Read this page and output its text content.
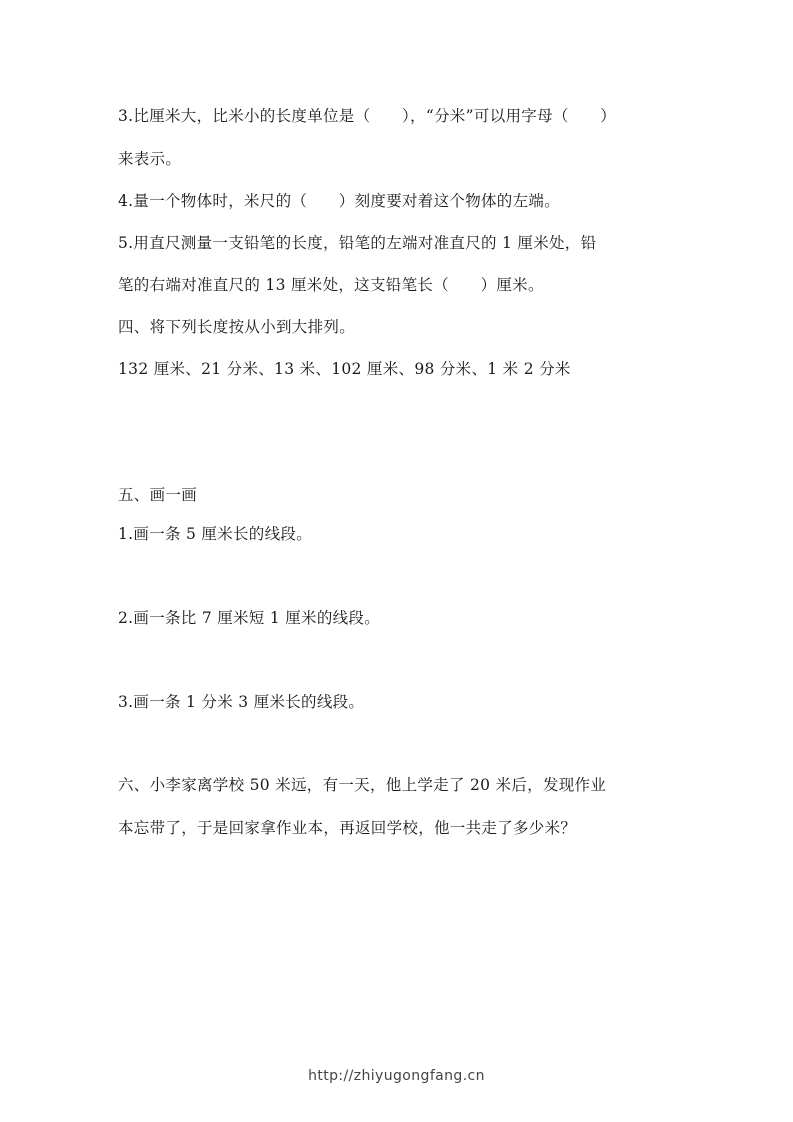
3.比厘米大，比米小的长度单位是（　　），“分米”可以用字母（　　）
来表示。
4.量一个物体时，米尺的（　　）刻度要对着这个物体的左端。
5.用直尺测量一支铅笔的长度，铅笔的左端对准直尺的 1 厘米处，铅
笔的右端对准直尺的 13 厘米处，这支铅笔长（　　）厘米。
四、将下列长度按从小到大排列。
132 厘米、21 分米、13 米、102 厘米、98 分米、1 米 2 分米
五、画一画
1.画一条 5 厘米长的线段。
2.画一条比 7 厘米短 1 厘米的线段。
3.画一条 1 分米 3 厘米长的线段。
六、小李家离学校 50 米远，有一天，他上学走了 20 米后，发现作业
本忘带了，于是回家拿作业本，再返回学校，他一共走了多少米？
http://zhiyugongfang.cn
